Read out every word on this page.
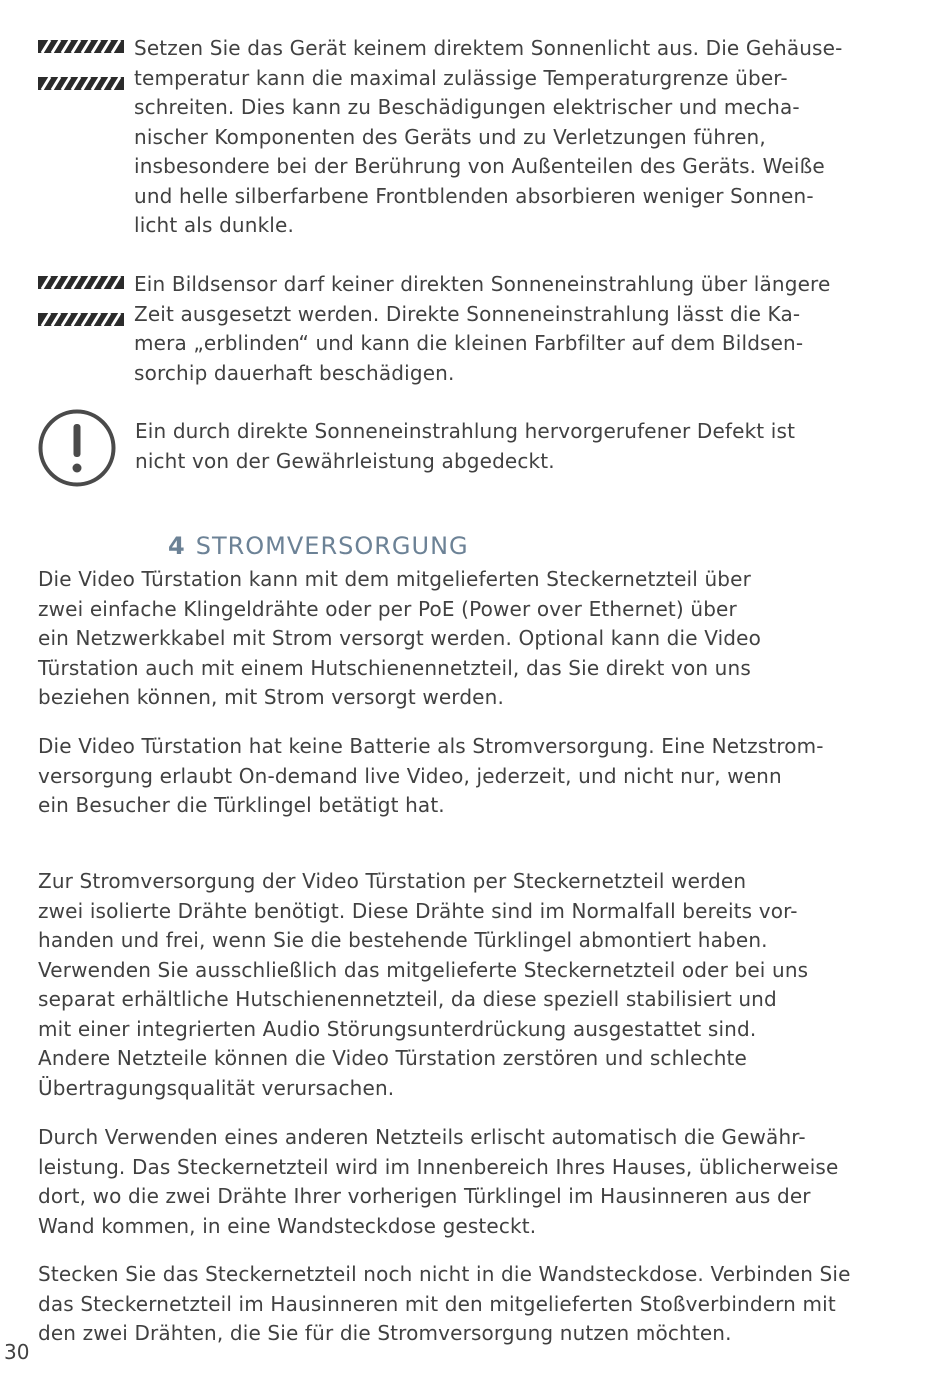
Setzen Sie das Gerät keinem direktem Sonnenlicht aus. Die Gehäuse-
temperatur kann die maximal zulässige Temperaturgrenze über-
schreiten. Dies kann zu Beschädigungen elektrischer und mecha-
nischer Komponenten des Geräts und zu Verletzungen führen,
insbesondere bei der Berührung von Außenteilen des Geräts. Weiße
und helle silberfarbene Frontblenden absorbieren weniger Sonnen-
licht als dunkle.
Ein Bildsensor darf keiner direkten Sonneneinstrahlung über längere
Zeit ausgesetzt werden. Direkte Sonneneinstrahlung lässt die Ka-
mera „erblinden“ und kann die kleinen Farbfilter auf dem Bildsen-
sorchip dauerhaft beschädigen.
Ein durch direkte Sonneneinstrahlung hervorgerufener Defekt ist
nicht von der Gewährleistung abgedeckt.
4 STROMVERSORGUNG
Die Video Türstation kann mit dem mitgelieferten Steckernetzteil über
zwei einfache Klingeldrähte oder per PoE (Power over Ethernet) über
ein Netzwerkkabel mit Strom versorgt werden. Optional kann die Video
Türstation auch mit einem Hutschienennetzteil, das Sie direkt von uns
beziehen können, mit Strom versorgt werden.
Die Video Türstation hat keine Batterie als Stromversorgung. Eine Netzstrom-
versorgung erlaubt On-demand live Video, jederzeit, und nicht nur, wenn
ein Besucher die Türklingel betätigt hat.
Zur Stromversorgung der Video Türstation per Steckernetzteil werden
zwei isolierte Drähte benötigt. Diese Drähte sind im Normalfall bereits vor-
handen und frei, wenn Sie die bestehende Türklingel abmontiert haben.
Verwenden Sie ausschließlich das mitgelieferte Steckernetzteil oder bei uns
separat erhältliche Hutschienennetzteil, da diese speziell stabilisiert und
mit einer integrierten Audio Störungsunterdrückung ausgestattet sind.
Andere Netzteile können die Video Türstation zerstören und schlechte
Übertragungsqualität verursachen.
Durch Verwenden eines anderen Netzteils erlischt automatisch die Gewähr-
leistung. Das Steckernetzteil wird im Innenbereich Ihres Hauses, üblicherweise
dort, wo die zwei Drähte Ihrer vorherigen Türklingel im Hausinneren aus der
Wand kommen, in eine Wandsteckdose gesteckt.
Stecken Sie das Steckernetzteil noch nicht in die Wandsteckdose. Verbinden Sie
das Steckernetzteil im Hausinneren mit den mitgelieferten Stoßverbindern mit
den zwei Drähten, die Sie für die Stromversorgung nutzen möchten.
30
